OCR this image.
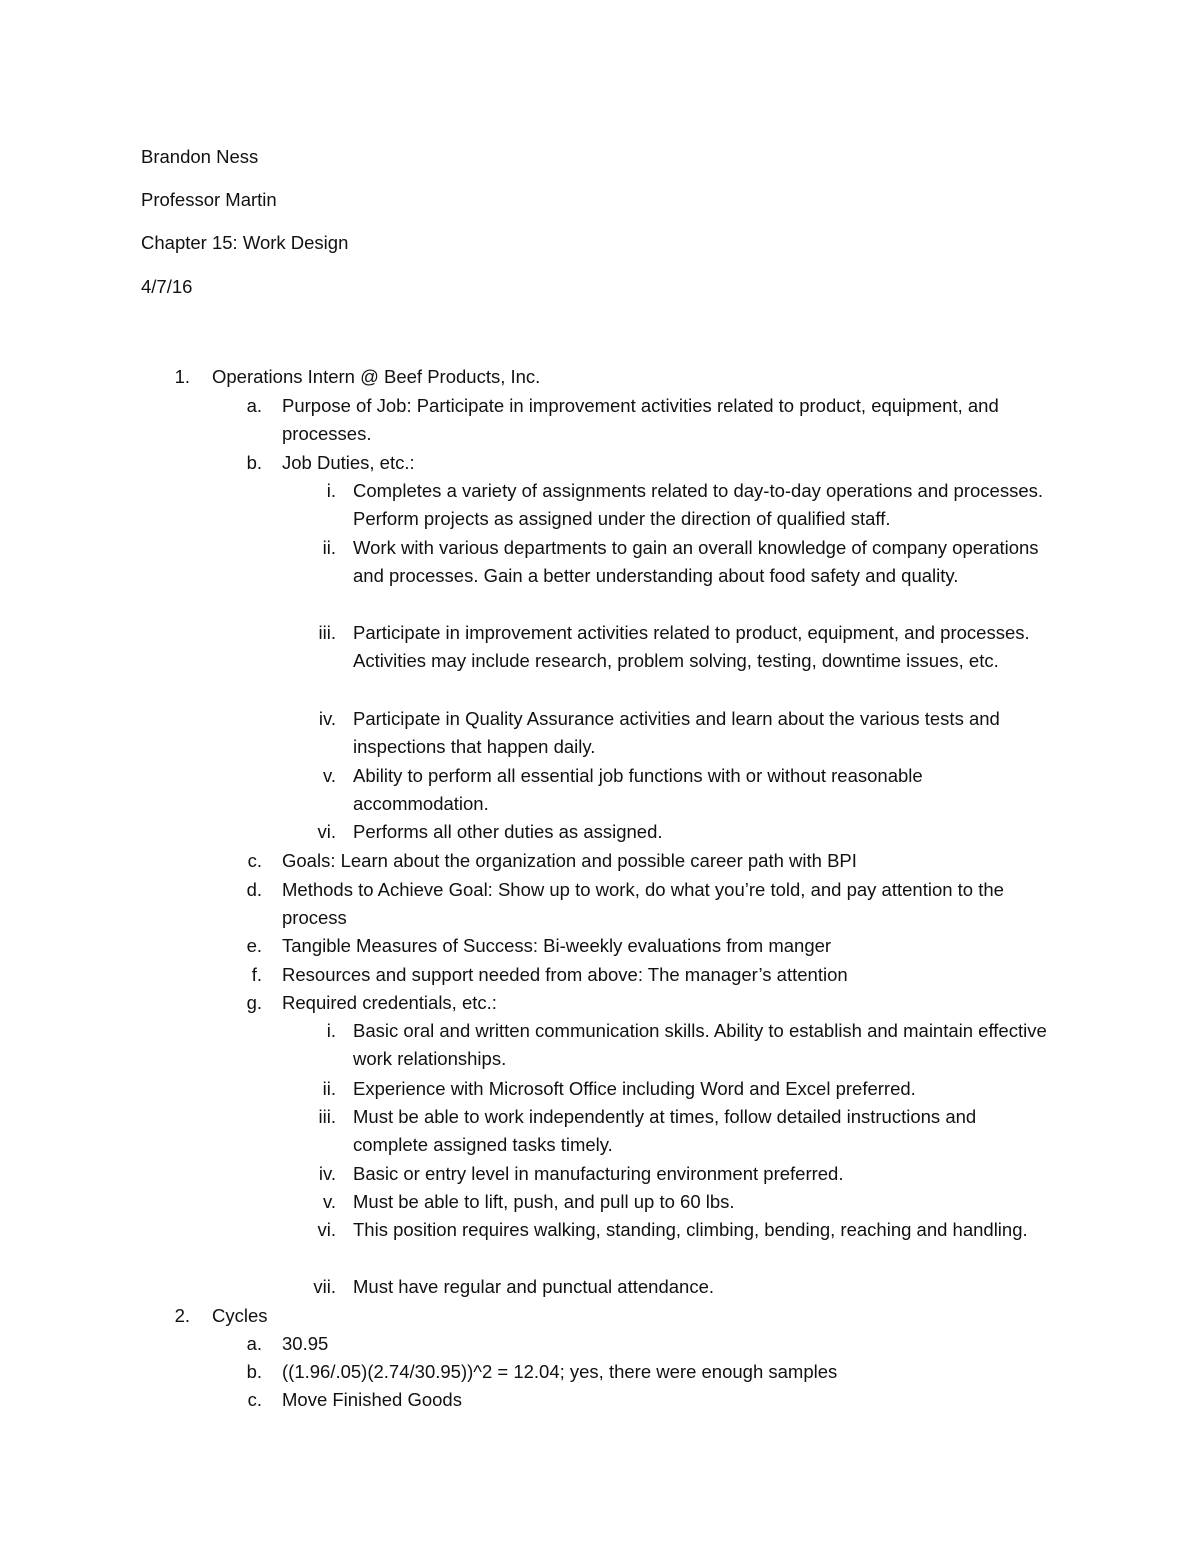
Brandon Ness
Professor Martin
Chapter 15: Work Design
4/7/16
1. Operations Intern @ Beef Products, Inc.
a. Purpose of Job: Participate in improvement activities related to product, equipment, and processes.
b. Job Duties, etc.:
i. Completes a variety of assignments related to day-to-day operations and processes. Perform projects as assigned under the direction of qualified staff.
ii. Work with various departments to gain an overall knowledge of company operations and processes. Gain a better understanding about food safety and quality.
iii. Participate in improvement activities related to product, equipment, and processes. Activities may include research, problem solving, testing, downtime issues, etc.
iv. Participate in Quality Assurance activities and learn about the various tests and inspections that happen daily.
v. Ability to perform all essential job functions with or without reasonable accommodation.
vi. Performs all other duties as assigned.
c. Goals: Learn about the organization and possible career path with BPI
d. Methods to Achieve Goal: Show up to work, do what you’re told, and pay attention to the process
e. Tangible Measures of Success: Bi-weekly evaluations from manger
f. Resources and support needed from above: The manager’s attention
g. Required credentials, etc.:
i. Basic oral and written communication skills. Ability to establish and maintain effective work relationships.
ii. Experience with Microsoft Office including Word and Excel preferred.
iii. Must be able to work independently at times, follow detailed instructions and complete assigned tasks timely.
iv. Basic or entry level in manufacturing environment preferred.
v. Must be able to lift, push, and pull up to 60 lbs.
vi. This position requires walking, standing, climbing, bending, reaching and handling.
vii. Must have regular and punctual attendance.
2. Cycles
a. 30.95
b. ((1.96/.05)(2.74/30.95))^2 = 12.04; yes, there were enough samples
c. Move Finished Goods
